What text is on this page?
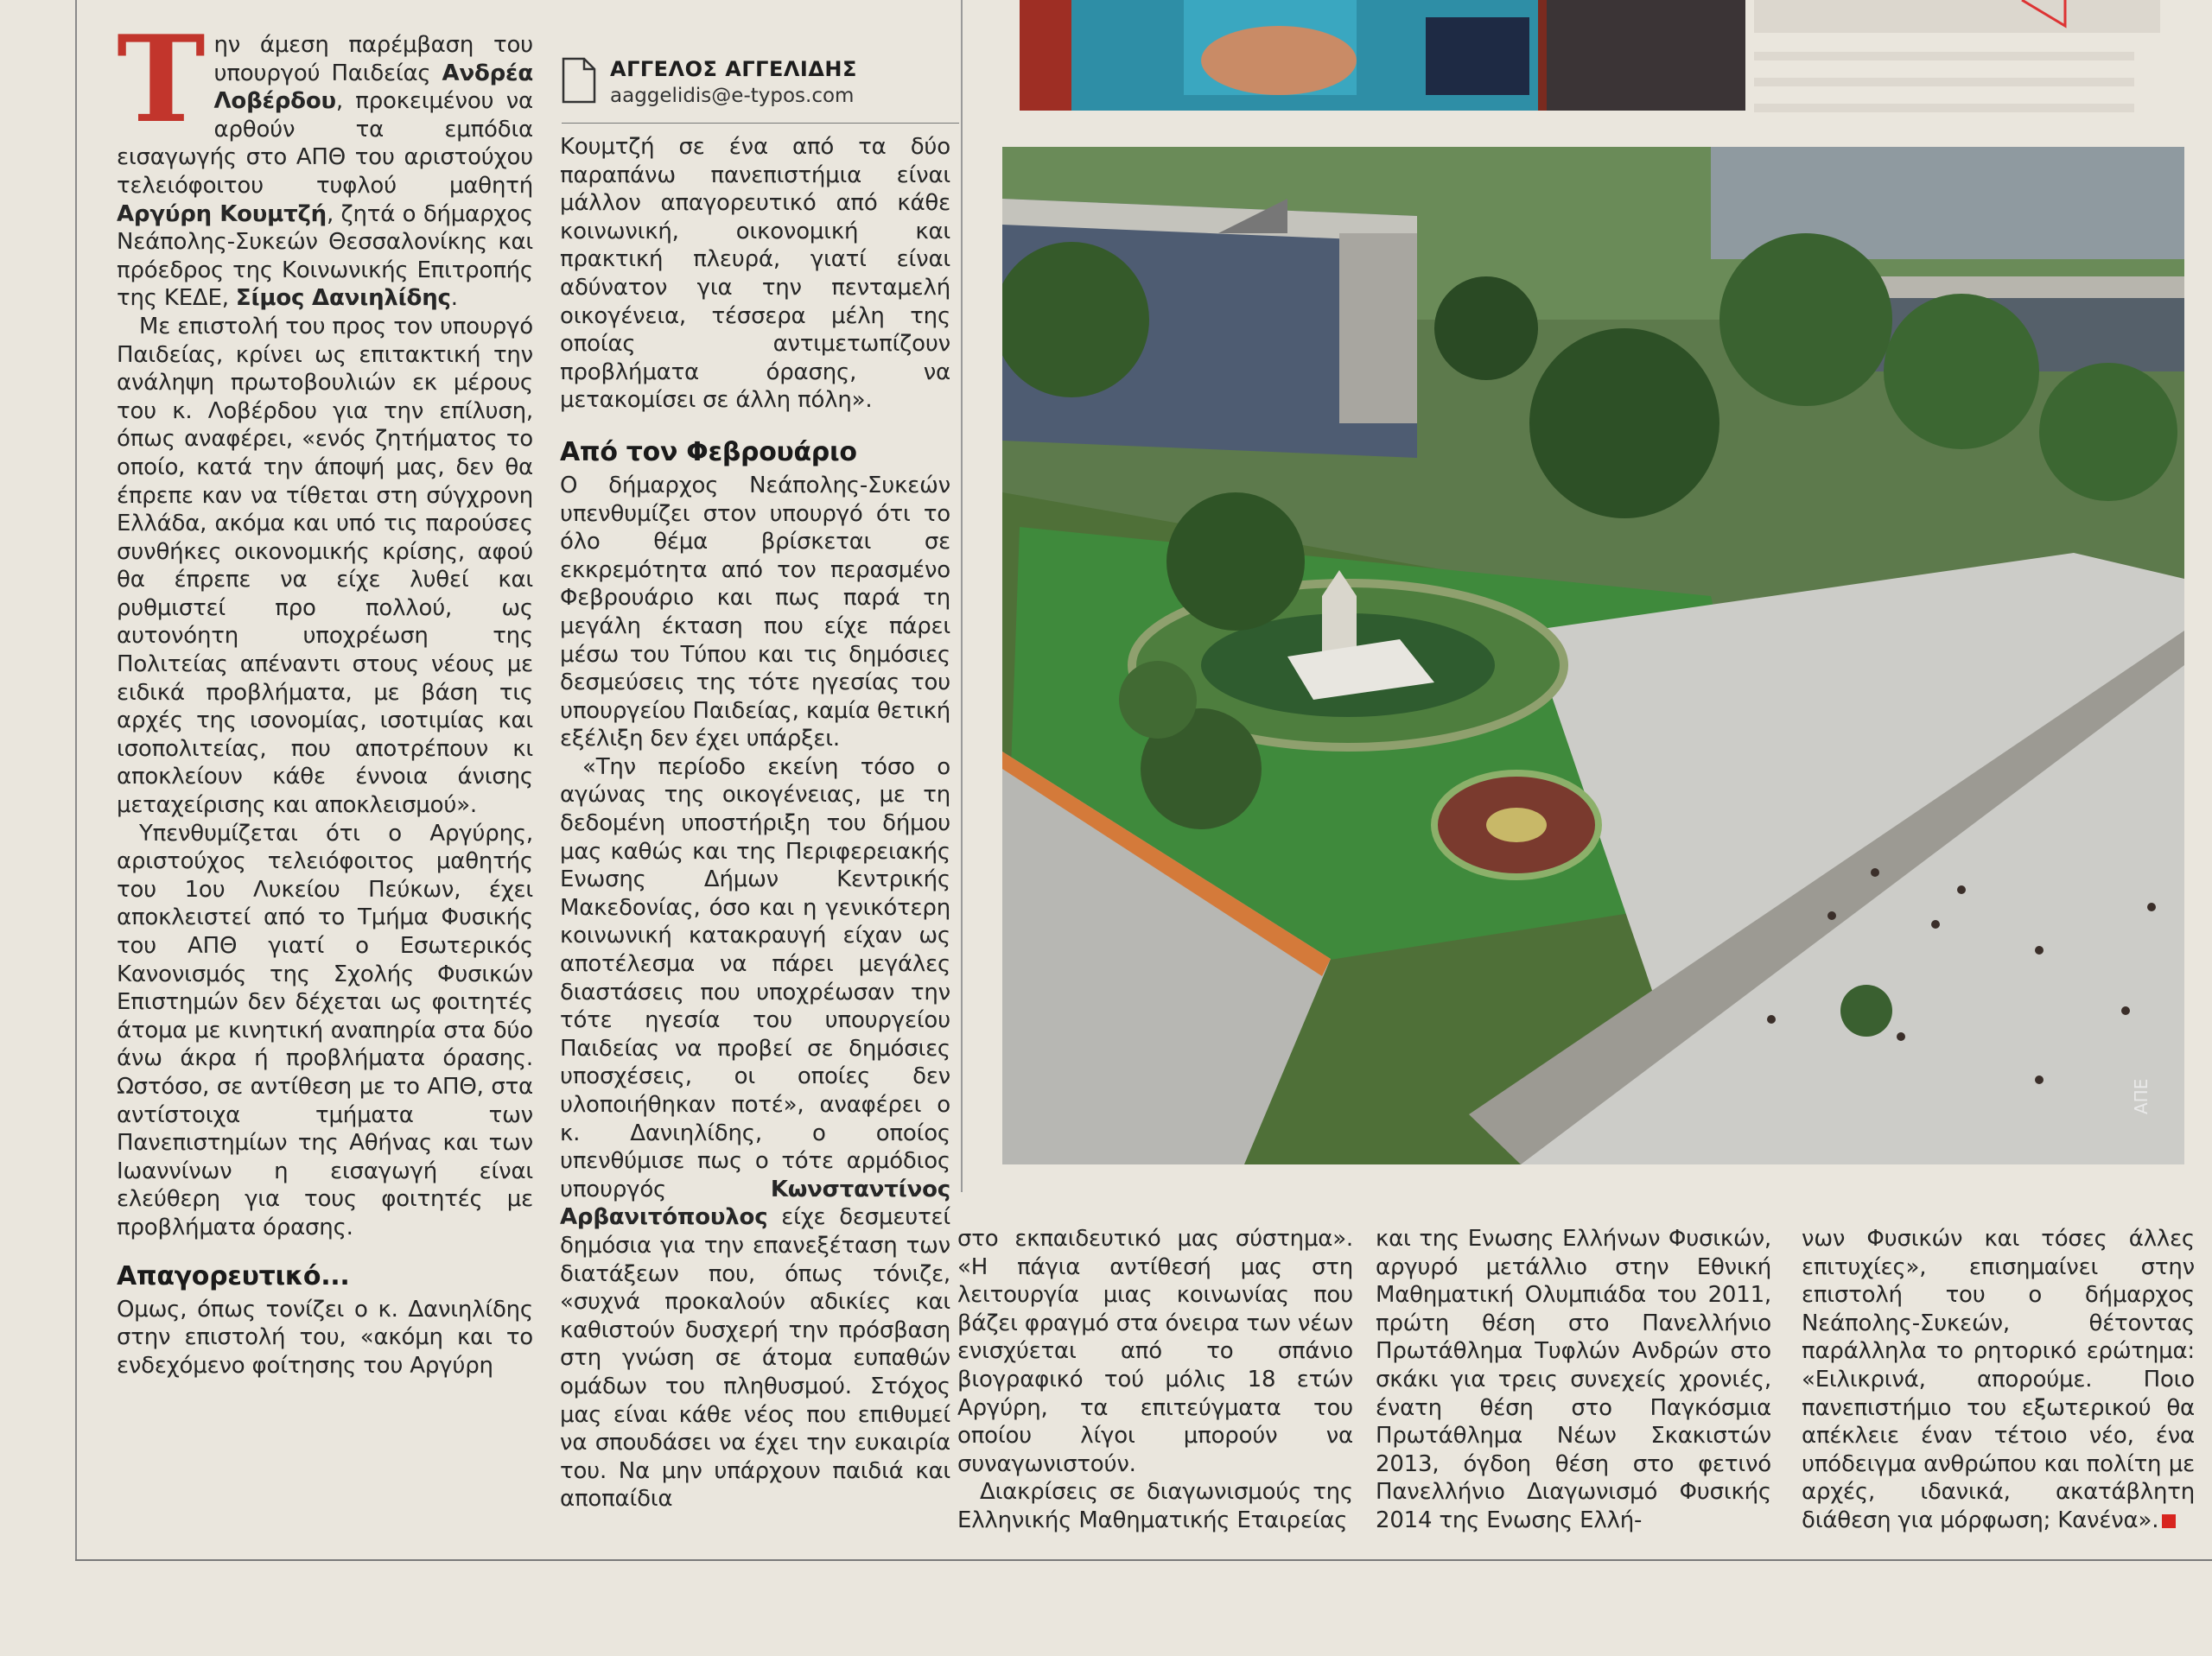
ΑΠΕ
ΑΓΓΕΛΟΣ ΑΓΓΕΛΙΔΗΣ
aaggelidis@e-typos.com

Τ ην άμεση παρέμβαση του υπουργού Παιδείας Ανδρέα Λοβέρδου, προκειμένου να αρθούν τα εμπόδια εισαγωγής στο ΑΠΘ του αριστούχου τελειόφοιτου τυφλού μαθητή Αργύρη Κουμτζή, ζητά ο δήμαρχος Νεάπολης-Συκεών Θεσσαλονίκης και πρόεδρος της Κοινωνικής Επιτροπής της ΚΕΔΕ, Σίμος Δανιηλίδης.

Με επιστολή του προς τον υπουργό Παιδείας, κρίνει ως επιτακτική την ανάληψη πρωτοβουλιών εκ μέρους του κ. Λοβέρδου για την επίλυση, όπως αναφέρει, «ενός ζητήματος το οποίο, κατά την άποψή μας, δεν θα έπρεπε καν να τίθεται στη σύγχρονη Ελλάδα, ακόμα και υπό τις παρούσες συνθήκες οικονομικής κρίσης, αφού θα έπρεπε να είχε λυθεί και ρυθμιστεί προ πολλού, ως αυτονόητη υποχρέωση της Πολιτείας απέναντι στους νέους με ειδικά προβλήματα, με βάση τις αρχές της ισονομίας, ισοτιμίας και ισοπολιτείας, που αποτρέπουν κι αποκλείουν κάθε έννοια άνισης μεταχείρισης και αποκλεισμού».

Υπενθυμίζεται ότι ο Αργύρης, αριστούχος τελειόφοιτος μαθητής του 1ου Λυκείου Πεύκων, έχει αποκλειστεί από το Τμήμα Φυσικής του ΑΠΘ γιατί ο Εσωτερικός Κανονισμός της Σχολής Φυσικών Επιστημών δεν δέχεται ως φοιτητές άτομα με κινητική αναπηρία στα δύο άνω άκρα ή προβλήματα όρασης. Ωστόσο, σε αντίθεση με το ΑΠΘ, στα αντίστοιχα τμήματα των Πανεπιστημίων της Αθήνας και των Ιωαννίνων η εισαγωγή είναι ελεύθερη για τους φοιτητές με προβλήματα όρασης.

Απαγορευτικό...

Ομως, όπως τονίζει ο κ. Δανιηλίδης στην επιστολή του, «ακόμη και το ενδεχόμενο φοίτησης του Αργύρη

Κουμτζή σε ένα από τα δύο παραπάνω πανεπιστήμια είναι μάλλον απαγορευτικό από κάθε κοινωνική, οικονομική και πρακτική πλευρά, γιατί είναι αδύνατον για την πενταμελή οικογένεια, τέσσερα μέλη της οποίας αντιμετωπίζουν προβλήματα όρασης, να μετακομίσει σε άλλη πόλη».

Από τον Φεβρουάριο

Ο δήμαρχος Νεάπολης-Συκεών υπενθυμίζει στον υπουργό ότι το όλο θέμα βρίσκεται σε εκκρεμότητα από τον περασμένο Φεβρουάριο και πως παρά τη μεγάλη έκταση που είχε πάρει μέσω του Τύπου και τις δημόσιες δεσμεύσεις της τότε ηγεσίας του υπουργείου Παιδείας, καμία θετική εξέλιξη δεν έχει υπάρξει.

«Την περίοδο εκείνη τόσο ο αγώνας της οικογένειας, με τη δεδομένη υποστήριξη του δήμου μας καθώς και της Περιφερειακής Ενωσης Δήμων Κεντρικής Μακεδονίας, όσο και η γενικότερη κοινωνική κατακραυγή είχαν ως αποτέλεσμα να πάρει μεγάλες διαστάσεις που υποχρέωσαν την τότε ηγεσία του υπουργείου Παιδείας να προβεί σε δημόσιες υποσχέσεις, οι οποίες δεν υλοποιήθηκαν ποτέ», αναφέρει ο κ. Δανιηλίδης, ο οποίος υπενθύμισε πως ο τότε αρμόδιος υπουργός Κωνσταντίνος Αρβανιτόπουλος είχε δεσμευτεί δημόσια για την επανεξέταση των διατάξεων που, όπως τόνιζε, «συχνά προκαλούν αδικίες και καθιστούν δυσχερή την πρόσβαση στη γνώση σε άτομα ευπαθών ομάδων του πληθυσμού. Στόχος μας είναι κάθε νέος που επιθυμεί να σπουδάσει να έχει την ευκαιρία του. Να μην υπάρχουν παιδιά και αποπαίδια

στο εκπαιδευτικό μας σύστημα». «Η πάγια αντίθεσή μας στη λειτουργία μιας κοινωνίας που βάζει φραγμό στα όνειρα των νέων ενισχύεται από το σπάνιο βιογραφικό τού μόλις 18 ετών Αργύρη, τα επιτεύγματα του οποίου λίγοι μπορούν να συναγωνιστούν.

Διακρίσεις σε διαγωνισμούς της Ελληνικής Μαθηματικής Εταιρείας

και της Ενωσης Ελλήνων Φυσικών, αργυρό μετάλλιο στην Εθνική Μαθηματική Ολυμπιάδα του 2011, πρώτη θέση στο Πανελλήνιο Πρωτάθλημα Τυφλών Ανδρών στο σκάκι για τρεις συνεχείς χρονιές, ένατη θέση στο Παγκόσμια Πρωτάθλημα Νέων Σκακιστών 2013, όγδοη θέση στο φετινό Πανελλήνιο Διαγωνισμό Φυσικής 2014 της Ενωσης Ελλή-

νων Φυσικών και τόσες άλλες επιτυχίες», επισημαίνει στην επιστολή του ο δήμαρχος Νεάπολης-Συκεών, θέτοντας παράλληλα το ρητορικό ερώτημα: «Ειλικρινά, απορούμε. Ποιο πανεπιστήμιο του εξωτερικού θα απέκλειε έναν τέτοιο νέο, ένα υπόδειγμα ανθρώπου και πολίτη με αρχές, ιδανικά, ακατάβλητη διάθεση για μόρφωση; Κανένα».
